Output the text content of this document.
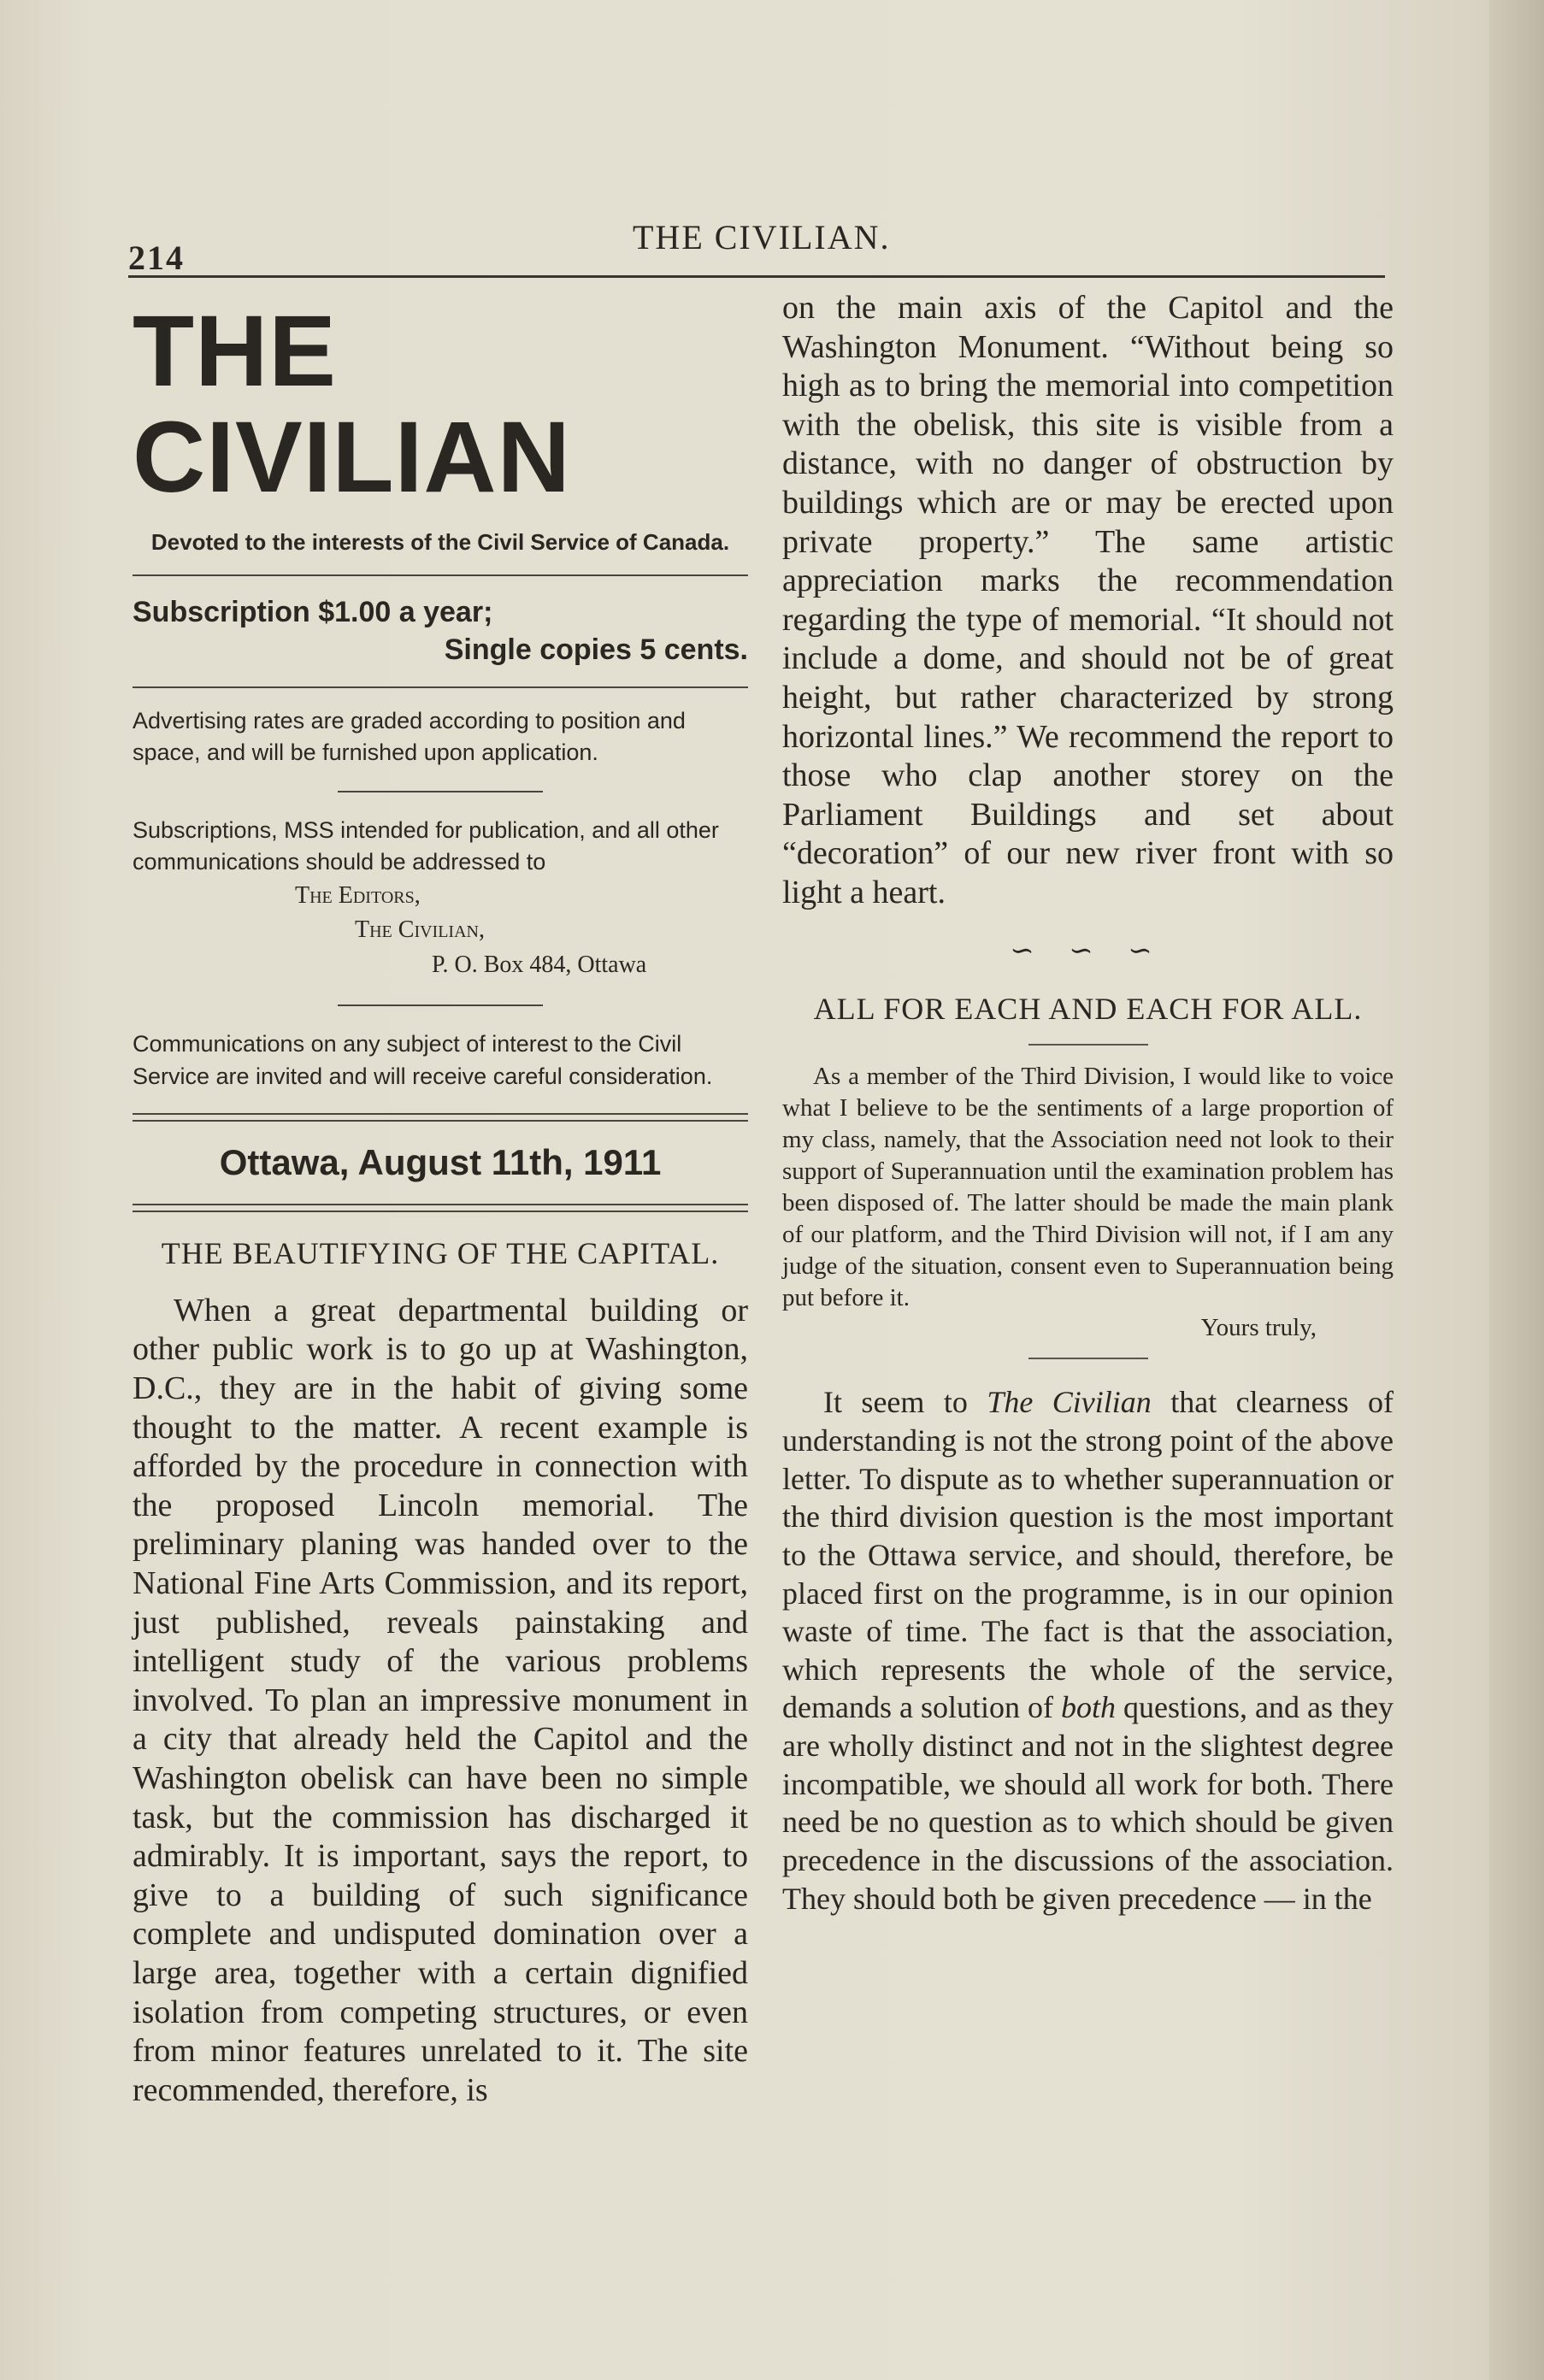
214
THE CIVILIAN.
THE CIVILIAN
Devoted to the interests of the Civil Service of Canada.
Subscription $1.00 a year;
Single copies 5 cents.
Advertising rates are graded according to position and space, and will be furnished upon application.
Subscriptions, MSS intended for publication, and all other communications should be addressed to
The Editors,
The Civilian,
P. O. Box 484, Ottawa
Communications on any subject of interest to the Civil Service are invited and will receive careful consideration.
Ottawa, August 11th, 1911
THE BEAUTIFYING OF THE CAPITAL.

When a great departmental building or other public work is to go up at Washington, D.C., they are in the habit of giving some thought to the matter. A recent example is afforded by the procedure in connection with the proposed Lincoln memorial. The preliminary planing was handed over to the National Fine Arts Commission, and its report, just published, reveals painstaking and intelligent study of the various problems involved. To plan an impressive monument in a city that already held the Capitol and the Washington obelisk can have been no simple task, but the commission has discharged it admirably. It is important, says the report, to give to a building of such significance complete and undisputed domination over a large area, together with a certain dignified isolation from competing structures, or even from minor features unrelated to it. The site recommended, therefore, is

on the main axis of the Capitol and the Washington Monument. “Without being so high as to bring the memorial into competition with the obelisk, this site is visible from a distance, with no danger of obstruction by buildings which are or may be erected upon private property.” The same artistic appreciation marks the recommendation regarding the type of memorial. “It should not include a dome, and should not be of great height, but rather characterized by strong horizontal lines.” We recommend the report to those who clap another storey on the Parliament Buildings and set about “decoration” of our new river front with so light a heart.

∽ ∽ ∽
ALL FOR EACH AND EACH FOR ALL.

As a member of the Third Division, I would like to voice what I believe to be the sentiments of a large proportion of my class, namely, that the Association need not look to their support of Superannuation until the examination problem has been disposed of. The latter should be made the main plank of our platform, and the Third Division will not, if I am any judge of the situation, consent even to Superannuation being put before it.

Yours truly,

It seem to The Civilian that clearness of understanding is not the strong point of the above letter. To dispute as to whether superannuation or the third division question is the most important to the Ottawa service, and should, therefore, be placed first on the programme, is in our opinion waste of time. The fact is that the association, which represents the whole of the service, demands a solution of both questions, and as they are wholly distinct and not in the slightest degree incompatible, we should all work for both. There need be no question as to which should be given precedence in the discussions of the association. They should both be given precedence — in the
